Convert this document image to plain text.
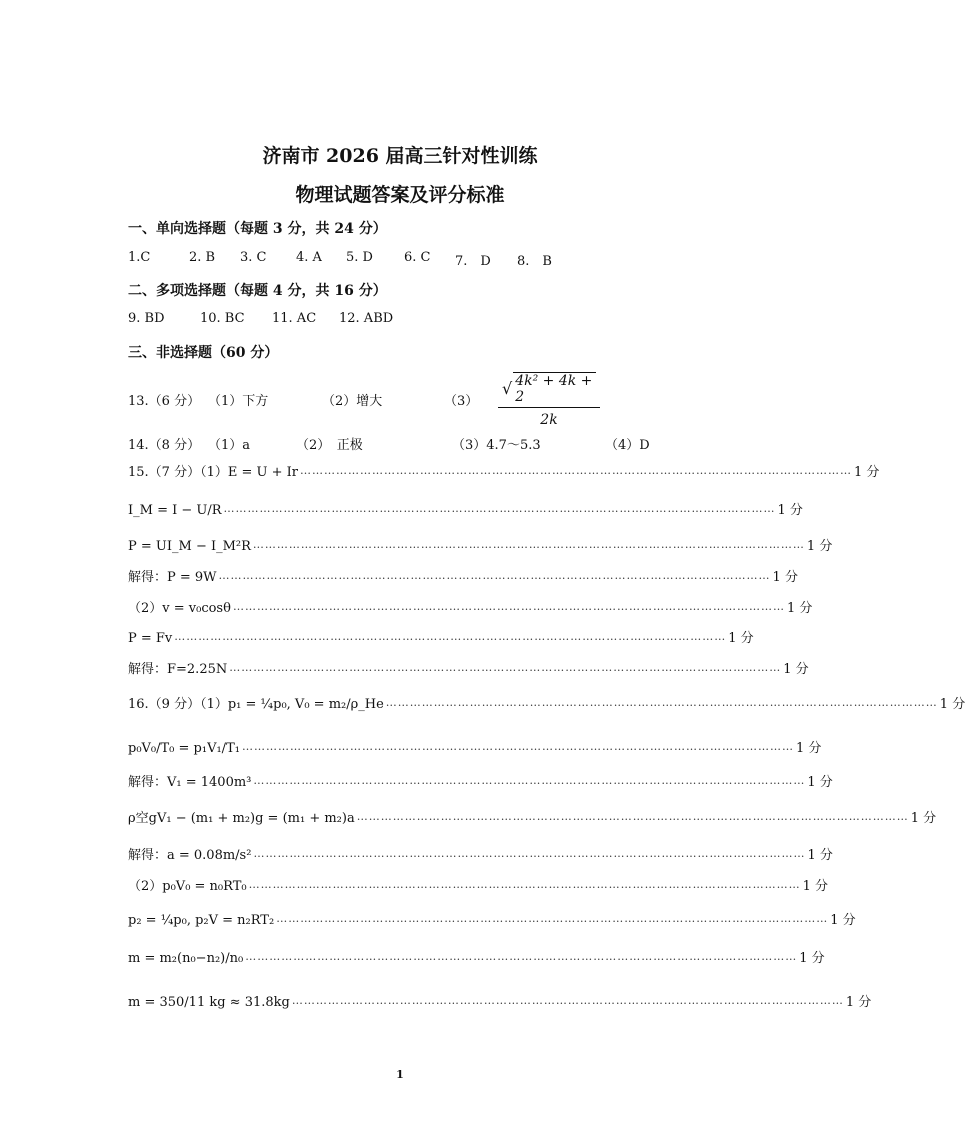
济南市 2026 届高三针对性训练
物理试题答案及评分标准
一、单向选择题（每题 3 分，共 24 分）
1.C	2. B 3. C 4. A 5. D 6. C 7.　D 8.　B
二、多项选择题（每题 4 分，共 16 分）
9. BD	10. BC 11. AC 12. ABD
三、非选择题（60 分）
13.（6 分） （1）下方	（2）增大	$(3) \frac{\text{√ 4k² + 4k + 2}}{2k}$
14.（8 分） （1）a	（2）　正极	（3）4.7～5.3	（4）D
15.（7 分）（1）E = U + Ir ………………………………………………………………………………………………………………………… 1 分
I_M = I − U/R ………………………………………………………………………………………………………………………… 1 分
P = UI_M − I_M²R ………………………………………………………………………………………………………………………… 1 分
解得：P = 9W ………………………………………………………………………………………………………………………… 1 分
（2）v = v₀cosθ ………………………………………………………………………………………………………………………… 1 分
P = Fv ………………………………………………………………………………………………………………………… 1 分
解得：F=2.25N ………………………………………………………………………………………………………………………… 1 分
16.（9 分）（1）p₁ = ¼p₀, V₀ = m₂/ρ_He ………………………………………………………………………………………………………………………… 1 分
p₀V₀/T₀ = p₁V₁/T₁ ………………………………………………………………………………………………………………………… 1 分
解得：V₁ = 1400m³ ………………………………………………………………………………………………………………………… 1 分
ρ空gV₁ − (m₁ + m₂)g = (m₁ + m₂)a ………………………………………………………………………………………………………………………… 1 分
解得：a = 0.08m/s² ………………………………………………………………………………………………………………………… 1 分
（2）p₀V₀ = n₀RT₀ ………………………………………………………………………………………………………………………… 1 分
p₂ = ¼p₀, p₂V = n₂RT₂ ………………………………………………………………………………………………………………………… 1 分
m = m₂(n₀−n₂)/n₀ ………………………………………………………………………………………………………………………… 1 分
m = 350/11 kg ≈ 31.8kg ………………………………………………………………………………………………………………………… 1 分
1
